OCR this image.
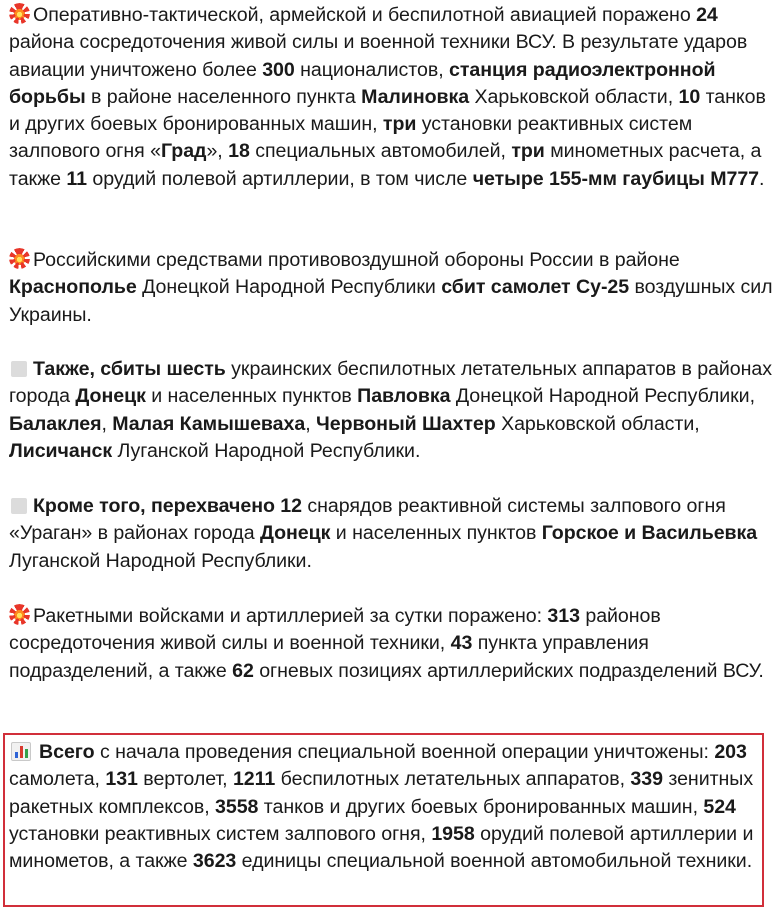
Оперативно-тактической, армейской и беспилотной авиацией поражено 24 района сосредоточения живой силы и военной техники ВСУ. В результате ударов авиации уничтожено более 300 националистов, станция радиоэлектронной борьбы в районе населенного пункта Малиновка Харьковской области, 10 танков и других боевых бронированных машин, три установки реактивных систем залпового огня «Град», 18 специальных автомобилей, три минометных расчета, а также 11 орудий полевой артиллерии, в том числе четыре 155-мм гаубицы М777.
Российскими средствами противовоздушной обороны России в районе Краснополье Донецкой Народной Республики сбит самолет Су-25 воздушных сил Украины.
Также, сбиты шесть украинских беспилотных летательных аппаратов в районах города Донецк и населенных пунктов Павловка Донецкой Народной Республики, Балаклея, Малая Камышеваха, Червоный Шахтер Харьковской области, Лисичанск Луганской Народной Республики.
Кроме того, перехвачено 12 снарядов реактивной системы залпового огня «Ураган» в районах города Донецк и населенных пунктов Горское и Васильевка Луганской Народной Республики.
Ракетными войсками и артиллерией за сутки поражено: 313 районов сосредоточения живой силы и военной техники, 43 пункта управления подразделений, а также 62 огневых позициях артиллерийских подразделений ВСУ.
Всего с начала проведения специальной военной операции уничтожены: 203 самолета, 131 вертолет, 1211 беспилотных летательных аппаратов, 339 зенитных ракетных комплексов, 3558 танков и других боевых бронированных машин, 524 установки реактивных систем залпового огня, 1958 орудий полевой артиллерии и минометов, а также 3623 единицы специальной военной автомобильной техники.
